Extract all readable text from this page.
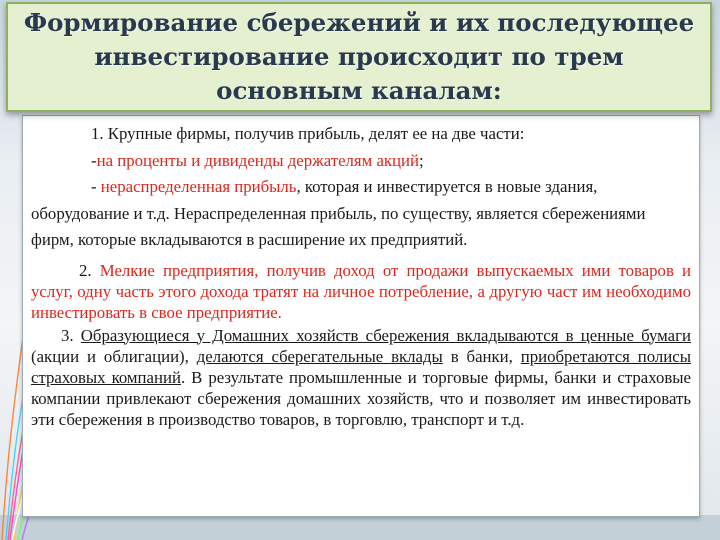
Формирование сбережений и их последующее инвестирование происходит по трем основным каналам:

1. Крупные фирмы, получив прибыль, делят ее на две части:

-на проценты и дивиденды держателям акций;

- нераспределенная прибыль, которая и инвестируется в новые здания, оборудование и т.д. Нераспределенная прибыль, по существу, является сбережениями фирм, которые вкладываются в расширение их предприятий.

2. Мелкие предприятия, получив доход от продажи выпускаемых ими товаров и услуг, одну часть этого дохода тратят на личное потребление, а другую част им необходимо инвестировать в свое предприятие.

3. Образующиеся у Домашних хозяйств сбережения вкладываются в ценные бумаги (акции и облигации), делаются сберегательные вклады в банки, приобретаются полисы страховых компаний. В результате промышленные и торговые фирмы, банки и страховые компании привлекают сбережения домашних хозяйств, что и позволяет им инвестировать эти сбережения в производство товаров, в торговлю, транспорт и т.д.
